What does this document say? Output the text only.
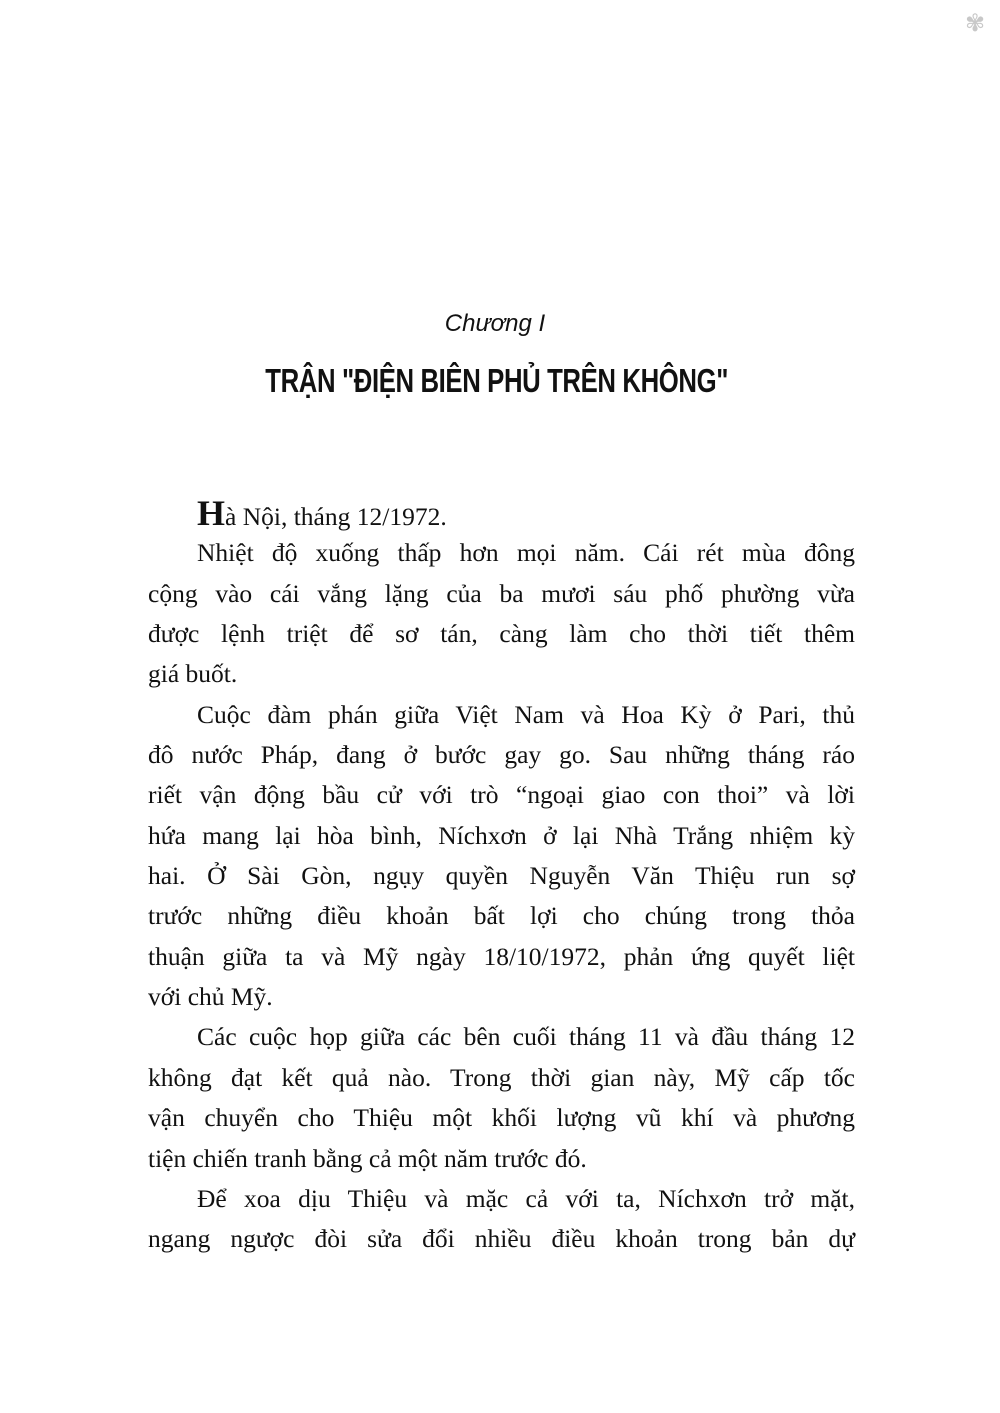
✾
Chương I
TRẬN "ĐIỆN BIÊN PHỦ TRÊN KHÔNG"
Hà Nội, tháng 12/1972.
Nhiệt độ xuống thấp hơn mọi năm. Cái rét mùa đông
cộng vào cái vắng lặng của ba mươi sáu phố phường vừa
được lệnh triệt để sơ tán, càng làm cho thời tiết thêm
giá buốt.
Cuộc đàm phán giữa Việt Nam và Hoa Kỳ ở Pari, thủ
đô nước Pháp, đang ở bước gay go. Sau những tháng ráo
riết vận động bầu cử với trò “ngoại giao con thoi” và lời
hứa mang lại hòa bình, Níchxơn ở lại Nhà Trắng nhiệm kỳ
hai. Ở Sài Gòn, ngụy quyền Nguyễn Văn Thiệu run sợ
trước những điều khoản bất lợi cho chúng trong thỏa
thuận giữa ta và Mỹ ngày 18/10/1972, phản ứng quyết liệt
với chủ Mỹ.
Các cuộc họp giữa các bên cuối tháng 11 và đầu tháng 12
không đạt kết quả nào. Trong thời gian này, Mỹ cấp tốc
vận chuyển cho Thiệu một khối lượng vũ khí và phương
tiện chiến tranh bằng cả một năm trước đó.
Để xoa dịu Thiệu và mặc cả với ta, Níchxơn trở mặt,
ngang ngược đòi sửa đổi nhiều điều khoản trong bản dự
